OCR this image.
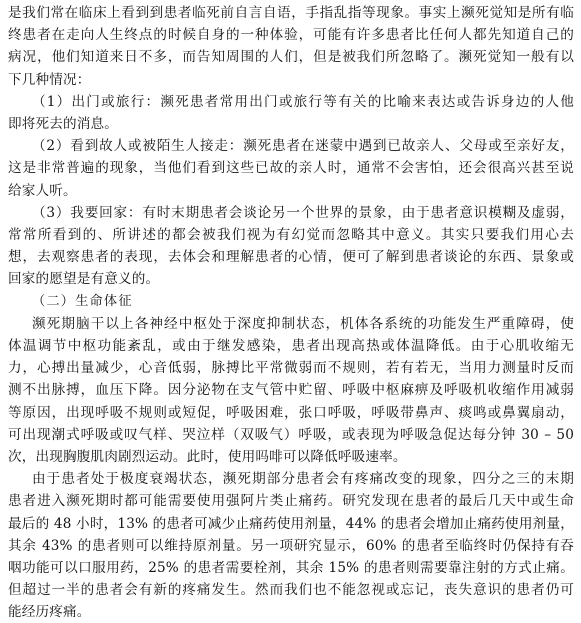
是我们常在临床上看到到患者临死前自言自语，手指乱指等现象。事实上濒死觉知是所有临
终患者在走向人生终点的时候自身的一种体验，可能有许多患者比任何人都先知道自己的
病况，他们知道来日不多，而告知周围的人们，但是被我们所忽略了。濒死觉知一般有以
下几种情况：
（1）出门或旅行：濒死患者常用出门或旅行等有关的比喻来表达或告诉身边的人他
即将死去的消息。
（2）看到故人或被陌生人接走：濒死患者在迷蒙中遇到已故亲人、父母或至亲好友，
这是非常普遍的现象，当他们看到这些已故的亲人时，通常不会害怕，还会很高兴甚至说
给家人听。
（3）我要回家：有时末期患者会谈论另一个世界的景象，由于患者意识模糊及虚弱，
常常所看到的、所讲述的都会被我们视为有幻觉而忽略其中意义。其实只要我们用心去
想，去观察患者的表现，去体会和理解患者的心情，便可了解到患者谈论的东西、景象或
回家的愿望是有意义的。
（二）生命体征
濒死期脑干以上各神经中枢处于深度抑制状态，机体各系统的功能发生严重障碍，使
体温调节中枢功能紊乱，或由于继发感染，患者出现高热或体温降低。由于心肌收缩无
力，心搏出量减少，心音低弱，脉搏比平常微弱而不规则，若有若无，当用力测量时反而
测不出脉搏，血压下降。因分泌物在支气管中贮留、呼吸中枢麻痹及呼吸机收缩作用减弱
等原因，出现呼吸不规则或短促，呼吸困难，张口呼吸，呼吸带鼻声、痰鸣或鼻翼扇动，
可出现潮式呼吸或叹气样、哭泣样（双吸气）呼吸，或表现为呼吸急促达每分钟 30 – 50
次，出现胸腹肌肉剧烈运动。此时，使用吗啡可以降低呼吸速率。
由于患者处于极度衰竭状态，濒死期部分患者会有疼痛改变的现象，四分之三的末期
患者进入濒死期时都可能需要使用强阿片类止痛药。研究发现在患者的最后几天中或生命
最后的 48 小时，13% 的患者可减少止痛药使用剂量，44% 的患者会增加止痛药使用剂量，
其余 43% 的患者则可以维持原剂量。另一项研究显示，60% 的患者至临终时仍保持有吞
咽功能可以口服用药，25% 的患者需要栓剂，其余 15% 的患者则需要靠注射的方式止痛。
但超过一半的患者会有新的疼痛发生。然而我们也不能忽视或忘记，丧失意识的患者仍可
能经历疼痛。
